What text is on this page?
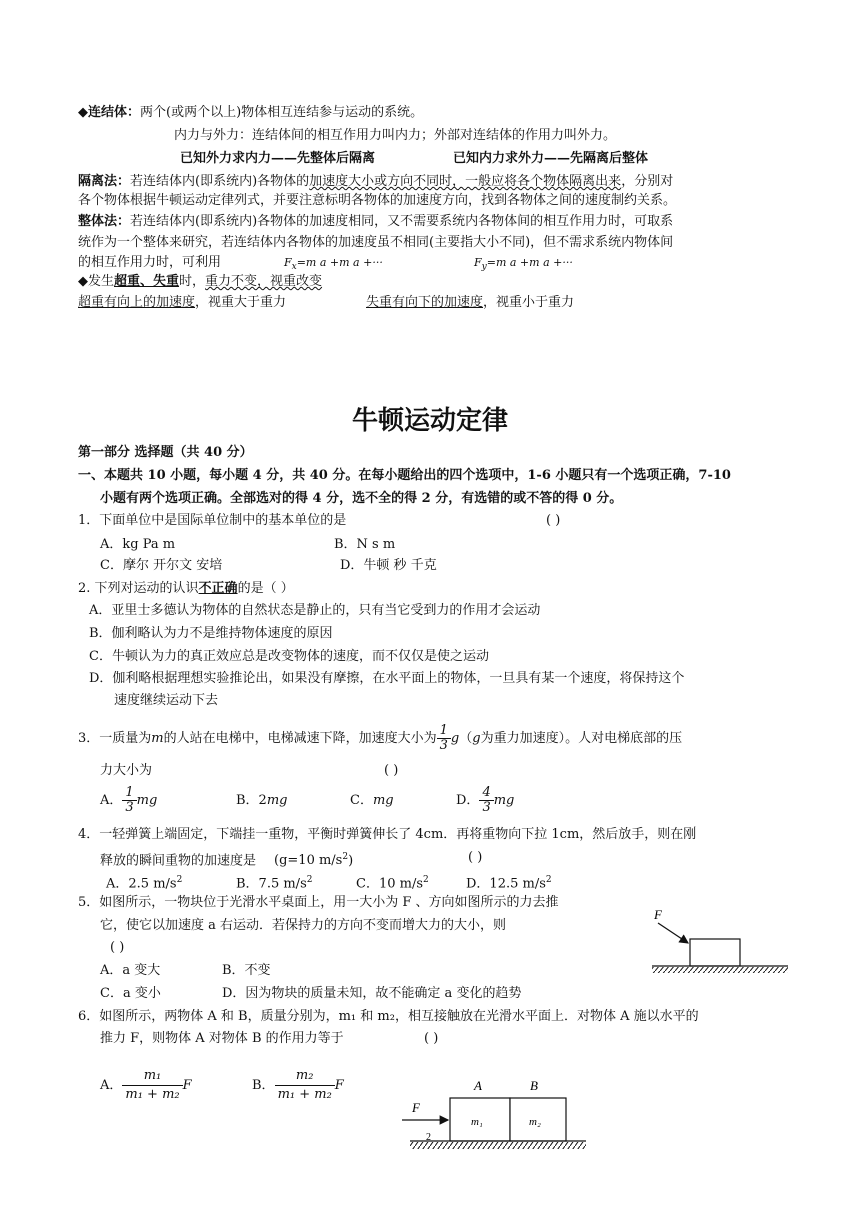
◆连结体：两个(或两个以上)物体相互连结参与运动的系统。
内力与外力：连结体间的相互作用力叫内力；外部对连结体的作用力叫外力。
已知外力求内力——先整体后隔离	已知内力求外力——先隔离后整体
隔离法：若连结体内(即系统内)各物体的加速度大小或方向不同时，一般应将各个物体隔离出来，分别对
各个物体根据牛顿运动定律列式，并要注意标明各物体的加速度方向，找到各物体之间的速度制约关系。
整体法：若连结体内(即系统内)各物体的加速度相同，又不需要系统内各物体间的相互作用力时，可取系
统作为一个整体来研究，若连结体内各物体的加速度虽不相同(主要指大小不同)，但不需求系统内物体间
的相互作用力时，可利用	$F_x=m$ a +m a +···	$F_y=m$ a +m a +···
◆发生超重、失重时，重力不变，视重改变
超重有向上的加速度，视重大于重力	失重有向下的加速度，视重小于重力
牛顿运动定律
第一部分 选择题（共 40 分）
一、本题共 10 小题，每小题 4 分，共 40 分。在每小题给出的四个选项中，1-6 小题只有一个选项正确，7-10
小题有两个选项正确。全部选对的得 4 分，选不全的得 2 分，有选错的或不答的得 0 分。
1．下面单位中是国际单位制中的基本单位的是	( )
A．kg Pa m	B．N s m
C．摩尔 开尔文 安培	D．牛顿 秒 千克
2. 下列对运动的认识不正确的是（ ）
A．亚里士多德认为物体的自然状态是静止的，只有当它受到力的作用才会运动
B．伽利略认为力不是维持物体速度的原因
C．牛顿认为力的真正效应总是改变物体的速度，而不仅仅是使之运动
D．伽利略根据理想实验推论出，如果没有摩擦，在水平面上的物体，一旦具有某一个速度，将保持这个
速度继续运动下去
3．一质量为m的人站在电梯中，电梯减速下降，加速度大小为 $\frac{1}{3} g(g$为重力加速度）。人对电梯底部的压
力大小为	( )
A． $\frac{1}{3}$ mg	B．2mg	C．mg	D． $\frac{4}{3}$ mg
4．一轻弹簧上端固定，下端挂一重物，平衡时弹簧伸长了 4cm．再将重物向下拉 1cm，然后放手，则在刚
释放的瞬间重物的加速度是 (g=10 $m/s^2$)	( )
A．2.5 $m/s^2$	B．7.5 $m/s^2$	C．10 $m/s^2$	D．12.5 $m/s^2$
5．如图所示，一物块位于光滑水平桌面上，用一大小为 F 、方向如图所示的力去推
它，使它以加速度 a 右运动．若保持力的方向不变而增大力的大小，则
( )
A．a 变大	B．不变
C．a 变小	D．因为物块的质量未知，故不能确定 a 变化的趋势
F
6．如图所示，两物体 A 和 B，质量分别为，m₁ 和 m₂，相互接触放在光滑水平面上．对物体 A 施以水平的
推力 F，则物体 A 对物体 B 的作用力等于	( )
A． $\frac{\text{m₁}}{\text{m₁ + m₂}}$ F	B． $\frac{\text{m₂}}{\text{m₁ + m₂}}$ F	A	B
F
m₁	m₂
2
